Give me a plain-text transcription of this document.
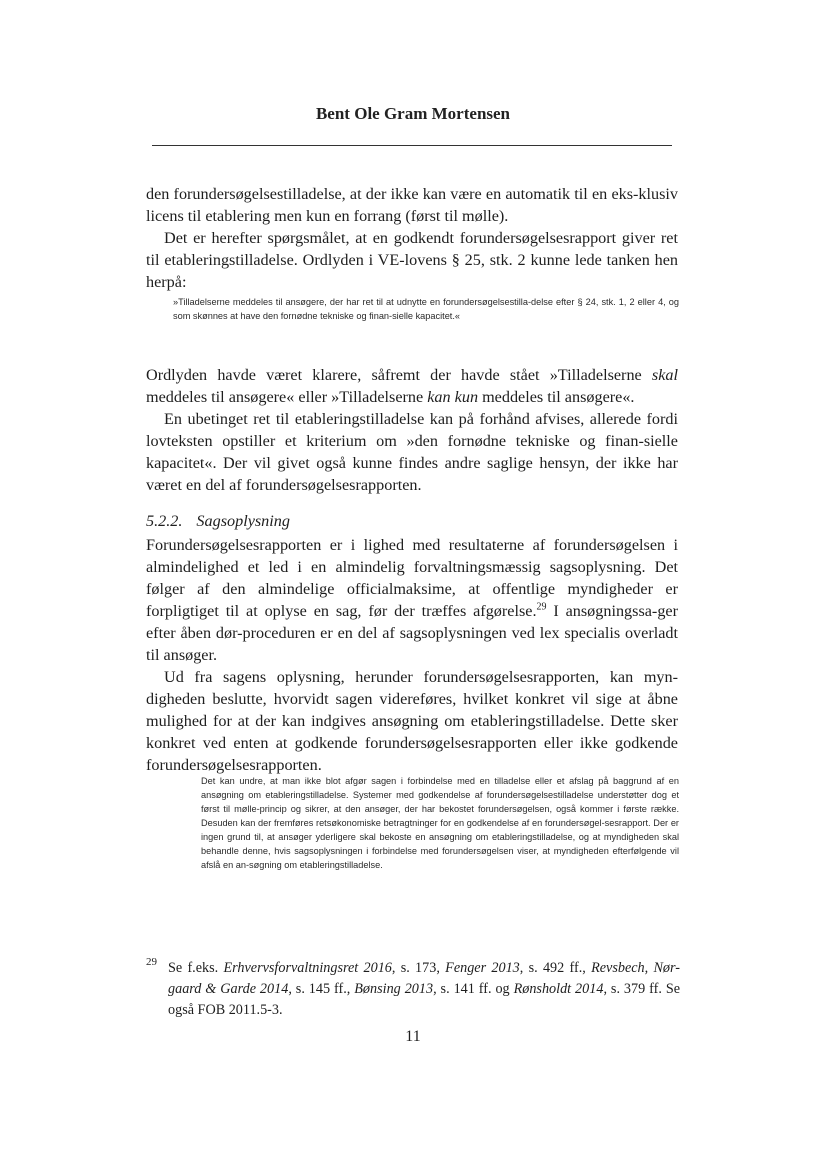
Bent Ole Gram Mortensen

den forundersøgelsestilladelse, at der ikke kan være en automatik til en eks-klusiv licens til etablering men kun en forrang (først til mølle).

Det er herefter spørgsmålet, at en godkendt forundersøgelsesrapport giver ret til etableringstilladelse. Ordlyden i VE-lovens § 25, stk. 2 kunne lede tanken hen herpå:

»Tilladelserne meddeles til ansøgere, der har ret til at udnytte en forundersøgelsestilla-delse efter § 24, stk. 1, 2 eller 4, og som skønnes at have den fornødne tekniske og finan-sielle kapacitet.«

Ordlyden havde været klarere, såfremt der havde stået »Tilladelserne skal meddeles til ansøgere« eller »Tilladelserne kan kun meddeles til ansøgere«.

En ubetinget ret til etableringstilladelse kan på forhånd afvises, allerede fordi lovteksten opstiller et kriterium om »den fornødne tekniske og finan-sielle kapacitet«. Der vil givet også kunne findes andre saglige hensyn, der ikke har været en del af forundersøgelsesrapporten.

5.2.2. Sagsoplysning

Forundersøgelsesrapporten er i lighed med resultaterne af forundersøgelsen i almindelighed et led i en almindelig forvaltningsmæssig sagsoplysning. Det følger af den almindelige officialmaksime, at offentlige myndigheder er forpligtiget til at oplyse en sag, før der træffes afgørelse.$^{29}$ I ansøgningssa-ger efter åben dør-proceduren er en del af sagsoplysningen ved lex specialis overladt til ansøger.

Ud fra sagens oplysning, herunder forundersøgelsesrapporten, kan myn-digheden beslutte, hvorvidt sagen videreføres, hvilket konkret vil sige at åbne mulighed for at der kan indgives ansøgning om etableringstilladelse. Dette sker konkret ved enten at godkende forundersøgelsesrapporten eller ikke godkende forundersøgelsesrapporten.

Det kan undre, at man ikke blot afgør sagen i forbindelse med en tilladelse eller et afslag på baggrund af en ansøgning om etableringstilladelse. Systemer med godkendelse af forundersøgelsestilladelse understøtter dog et først til mølle-princip og sikrer, at den ansøger, der har bekostet forundersøgelsen, også kommer i første række. Desuden kan der fremføres retsøkonomiske betragtninger for en godkendelse af en forundersøgel-sesrapport. Der er ingen grund til, at ansøger yderligere skal bekoste en ansøgning om etableringstilladelse, og at myndigheden skal behandle denne, hvis sagsoplysningen i forbindelse med forundersøgelsen viser, at myndigheden efterfølgende vil afslå en an-søgning om etableringstilladelse.
29 Se f.eks. Erhvervsforvaltningsret 2016, s. 173, Fenger 2013, s. 492 ff., Revsbech, Nør-gaard & Garde 2014, s. 145 ff., Bønsing 2013, s. 141 ff. og Rønsholdt 2014, s. 379 ff. Se også FOB 2011.5-3.
11
